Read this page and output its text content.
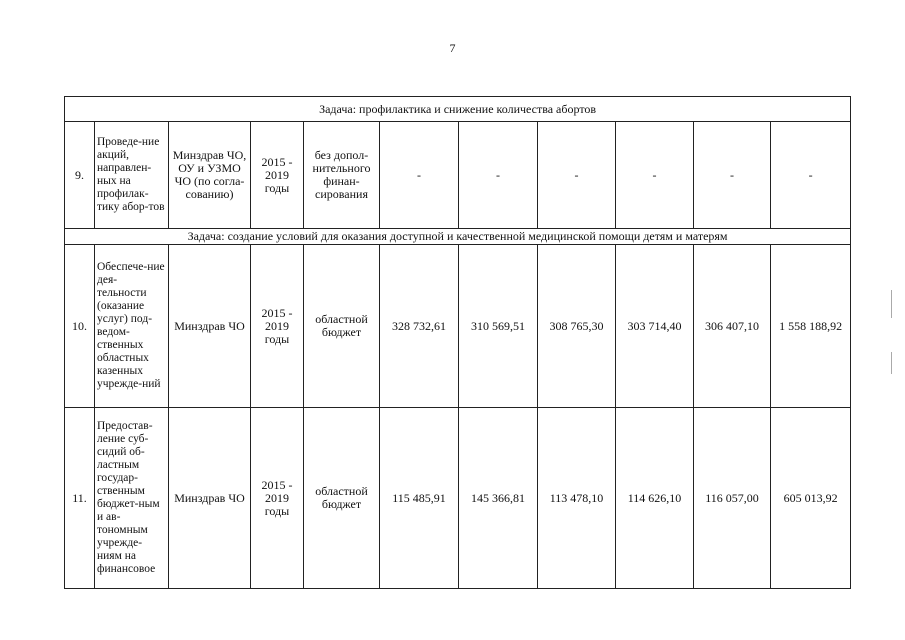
7
Задача: профилактика и снижение количества абортов										
9.	Проведе-ние акций, направлен-ных на профилак-тику абор-тов	Минздрав ЧО, ОУ и УЗМО ЧО (по согла-сованию)	2015 - 2019 годы	без допол-нительного финан-сирования	-	-	-	-	-	-
Задача: создание условий для оказания доступной и качественной медицинской помощи детям и матерям										
10.	Обеспече-ние дея-тельности (оказание услуг) под-ведом-ственных областных казенных учрежде-ний	Минздрав ЧО	2015 - 2019 годы	областной бюджет	328 732,61	310 569,51	308 765,30	303 714,40	306 407,10	1 558 188,92
11.	Предостав-ление суб-сидий об-ластным государ-ственным бюджет-ным и ав-тономным учрежде-ниям на финансовое	Минздрав ЧО	2015 - 2019 годы	областной бюджет	115 485,91	145 366,81	113 478,10	114 626,10	116 057,00	605 013,92
